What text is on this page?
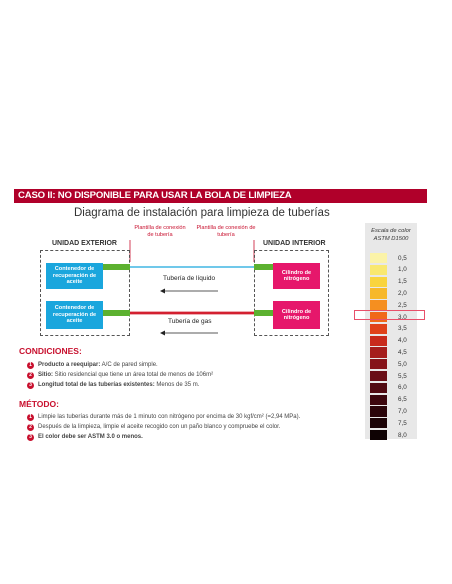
CASO II: NO DISPONIBLE PARA USAR LA BOLA DE LIMPIEZA
Diagrama de instalación para limpieza de tuberías
UNIDAD EXTERIOR	UNIDAD INTERIOR
Plantilla de conexión de tubería
Plantilla de conexión de tubería
Contenedor de recuperación de aceite
Contenedor de recuperación de aceite
Cilindro de nitrógeno
Cilindro de nitrógeno
Tubería de líquido
Tubería de gas
CONDICIONES:
1	Producto a reequipar: A/C de pared simple.
2	Sitio: Sitio residencial que tiene un área total de menos de 106m²
3	Longitud total de las tuberías existentes: Menos de 35 m.
MÉTODO:
1	Limpie las tuberías durante más de 1 minuto con nitrógeno por encima de 30 kgf/cm² (=2,94 MPa).
2	Después de la limpieza, limpie el aceite recogido con un paño blanco y compruebe el color.
3	El color debe ser ASTM 3.0 o menos.
Escala de color
ASTM D1500
0,5
1,0
1,5
2,0
2,5
3,0
3,5
4,0
4,5
5,0
5,5
6,0
6,5
7,0
7,5
8,0
